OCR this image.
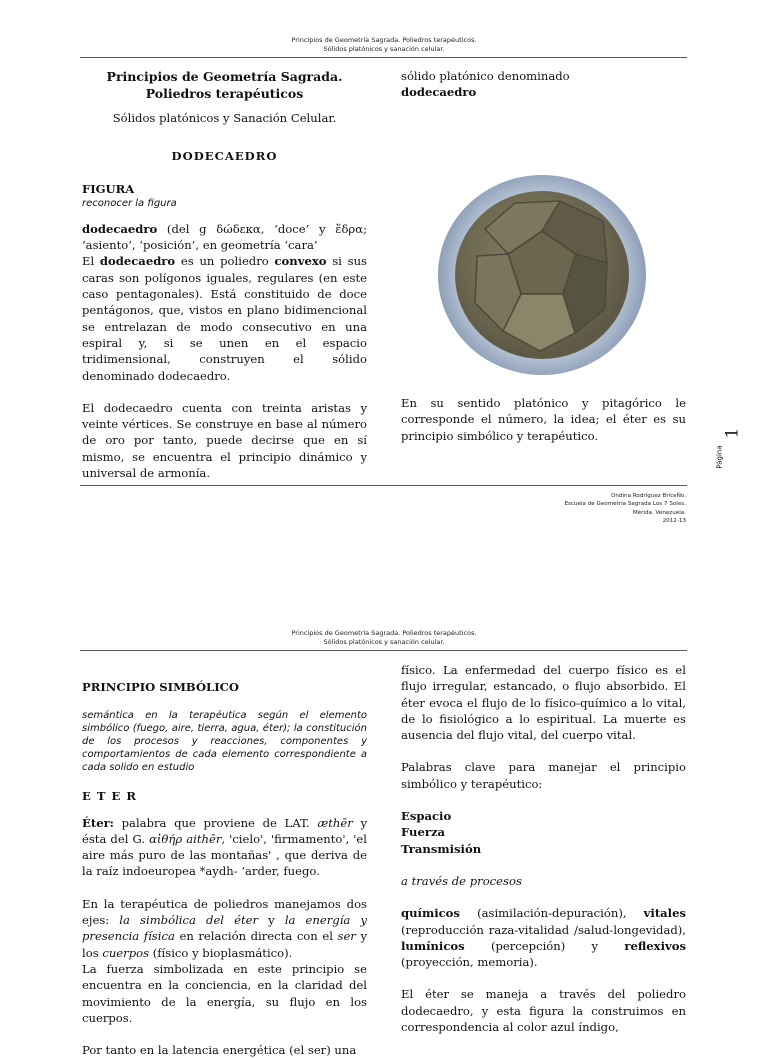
Principios de Geometría Sagrada. Poliedros terapéuticos.
Sólidos platónicos y sanación celular.
Principios de Geometría Sagrada. Poliedros terapéuticos

Sólidos platónicos y Sanación Celular.

DODECAEDRO

FIGURA

reconocer la figura

dodecaedro (del g δώδεκα, ‘doce’ y ἕδρα; ‘asiento’, ‘posición’, en geometría ‘cara’

El dodecaedro es un poliedro convexo si sus caras son polígonos iguales, regulares (en este caso pentagonales). Está constituido de doce pentágonos, que, vistos en plano bidimencional se entrelazan de modo consecutivo en una espiral y, si se unen en el espacio tridimensional, construyen el sólido denominado dodecaedro.

El dodecaedro cuenta con treinta aristas y veinte vértices. Se construye en base al número de oro por tanto, puede decirse que en sí mismo, se encuentra el principio dinámico y universal de armonía.

sólido platónico denominado

dodecaedro

En su sentido platónico y pitagórico le corresponde el número, la idea; el éter es su principio simbólico y terapéutico.
Página
1
Ondina Rodríguez BriceÑo.
Escuela de Geometría Sagrada Los 7 Soles.
Mérida. Venezuela.
2012-13
Principios de Geometría Sagrada. Poliedros terapéuticos.
Sólidos platónicos y sanación celular.

PRINCIPIO SIMBÓLICO

semántica en la terapéutica según el elemento simbólico (fuego, aire, tierra, agua, éter); la constitución de los procesos y reacciones, componentes y comportamientos de cada elemento correspondiente a cada solido en estudio

E T E R

Éter: palabra que proviene de LAT. æthēr y ésta del G. αἰθήρ aithēr, 'cielo', 'firmamento', 'el aire más puro de las montañas' , que deriva de la raíz indoeuropea *aydh- ‘arder, fuego.

En la terapéutica de poliedros manejamos dos ejes: la simbólica del éter y la energía y presencia física en relación directa con el ser y los cuerpos (físico y bioplasmático).

La fuerza simbolizada en este principio se encuentra en la conciencia, en la claridad del movimiento de la energía, su flujo en los cuerpos.

Por tanto en la latencia energética (el ser) una

físico. La enfermedad del cuerpo físico es el flujo irregular, estancado, o flujo absorbido. El éter evoca el flujo de lo físico-químico a lo vital, de lo fisiológico a lo espiritual. La muerte es ausencia del flujo vital, del cuerpo vital.

Palabras clave para manejar el principio simbólico y terapéutico:

Espacio

Fuerza

Transmisión

a través de procesos

químicos (asimilación-depuración), vitales (reproducción raza-vitalidad /salud-longevidad), lumínicos (percepción) y reflexivos (proyección, memoria).

El éter se maneja a través del poliedro dodecaedro, y esta figura la construimos en correspondencia al color azul índigo,
